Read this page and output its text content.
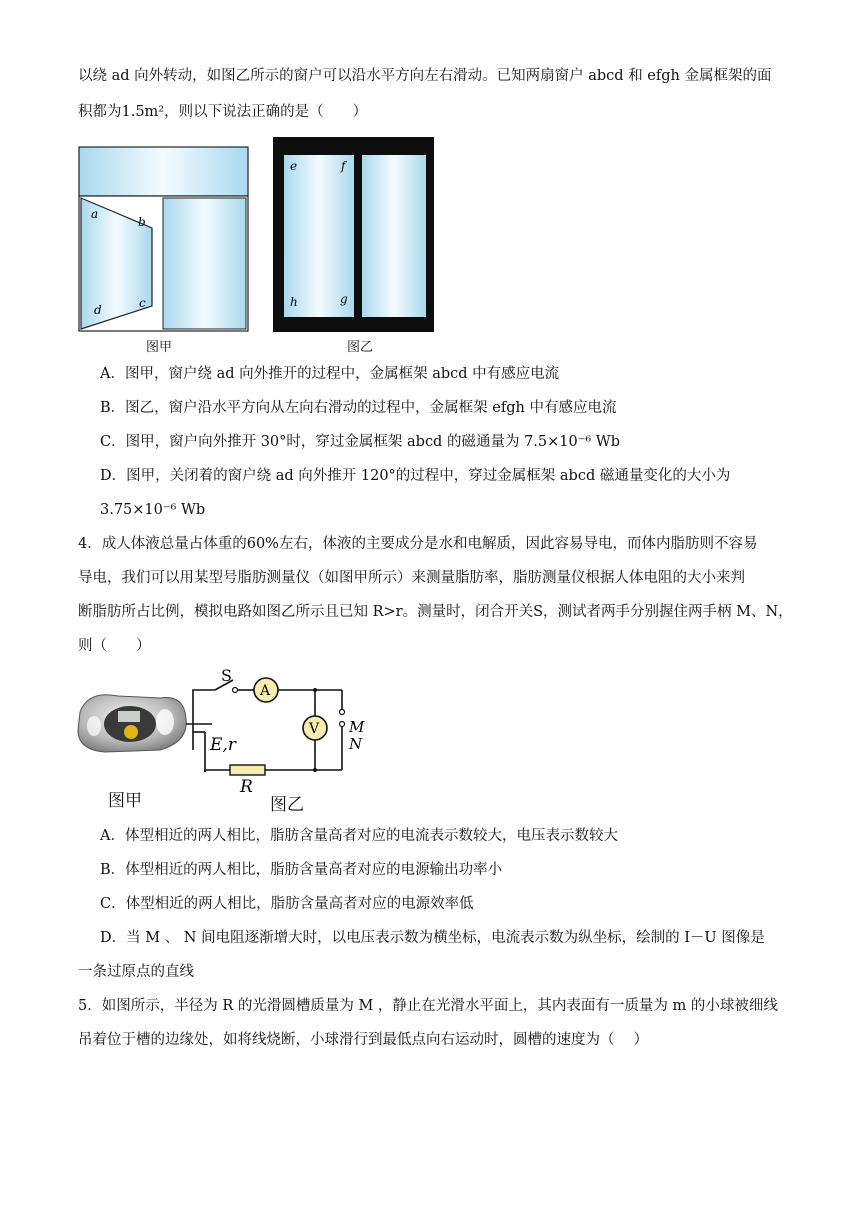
以绕 ad 向外转动，如图乙所示的窗户可以沿水平方向左右滑动。已知两扇窗户 abcd 和 efgh 金属框架的面
积都为1.5m²，则以下说法正确的是（　　）
a
b
c
d
e	f
g
h
图甲	图乙
A．图甲，窗户绕 ad 向外推开的过程中，金属框架 abcd 中有感应电流
B．图乙，窗户沿水平方向从左向右滑动的过程中，金属框架 efgh 中有感应电流
C．图甲，窗户向外推开 30°时，穿过金属框架 abcd 的磁通量为 7.5×10⁻⁶ Wb
D．图甲，关闭着的窗户绕 ad 向外推开 120°的过程中，穿过金属框架 abcd 磁通量变化的大小为
3.75×10⁻⁶ Wb
4．成人体液总量占体重的60%左右，体液的主要成分是水和电解质，因此容易导电，而体内脂肪则不容易
导电，我们可以用某型号脂肪测量仪（如图甲所示）来测量脂肪率，脂肪测量仪根据人体电阻的大小来判
断脂肪所占比例，模拟电路如图乙所示且已知 R>r。测量时，闭合开关S，测试者两手分别握住两手柄 M、N，
则（　　）
A
V
S
E,r
R
M
N
图甲	图乙
A．体型相近的两人相比，脂肪含量高者对应的电流表示数较大，电压表示数较大
B．体型相近的两人相比，脂肪含量高者对应的电源输出功率小
C．体型相近的两人相比，脂肪含量高者对应的电源效率低
D．当 M 、 N 间电阻逐渐增大时，以电压表示数为横坐标，电流表示数为纵坐标，绘制的 I－U 图像是
一条过原点的直线
5．如图所示，半径为 R 的光滑圆槽质量为 M ，静止在光滑水平面上，其内表面有一质量为 m 的小球被细线
吊着位于槽的边缘处，如将线烧断，小球滑行到最低点向右运动时，圆槽的速度为（　 ）
